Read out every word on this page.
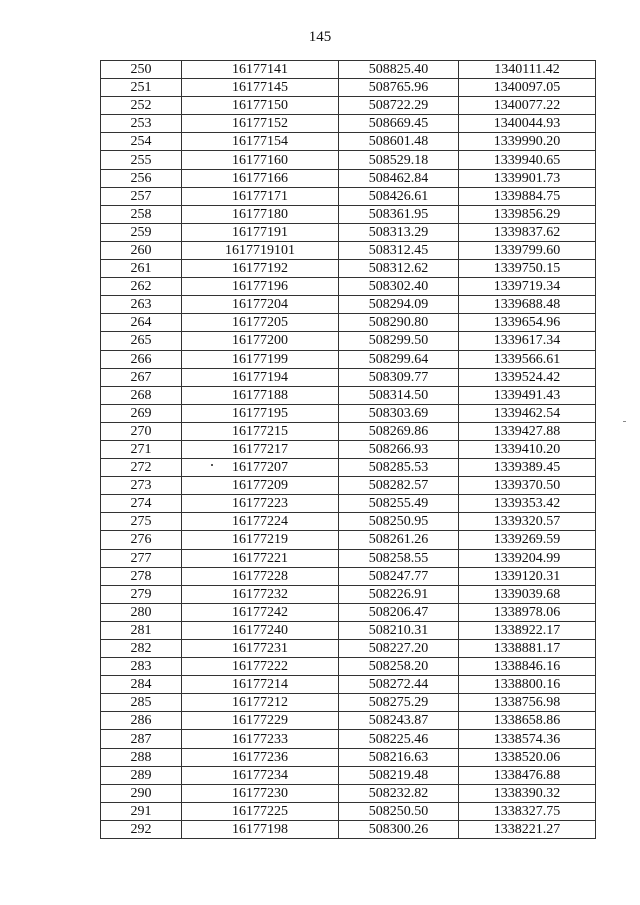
145
250	16177141	508825.40	1340111.42
251	16177145	508765.96	1340097.05
252	16177150	508722.29	1340077.22
253	16177152	508669.45	1340044.93
254	16177154	508601.48	1339990.20
255	16177160	508529.18	1339940.65
256	16177166	508462.84	1339901.73
257	16177171	508426.61	1339884.75
258	16177180	508361.95	1339856.29
259	16177191	508313.29	1339837.62
260	1617719101	508312.45	1339799.60
261	16177192	508312.62	1339750.15
262	16177196	508302.40	1339719.34
263	16177204	508294.09	1339688.48
264	16177205	508290.80	1339654.96
265	16177200	508299.50	1339617.34
266	16177199	508299.64	1339566.61
267	16177194	508309.77	1339524.42
268	16177188	508314.50	1339491.43
269	16177195	508303.69	1339462.54
270	16177215	508269.86	1339427.88
271	16177217	508266.93	1339410.20
272	16177207	508285.53	1339389.45
273	16177209	508282.57	1339370.50
274	16177223	508255.49	1339353.42
275	16177224	508250.95	1339320.57
276	16177219	508261.26	1339269.59
277	16177221	508258.55	1339204.99
278	16177228	508247.77	1339120.31
279	16177232	508226.91	1339039.68
280	16177242	508206.47	1338978.06
281	16177240	508210.31	1338922.17
282	16177231	508227.20	1338881.17
283	16177222	508258.20	1338846.16
284	16177214	508272.44	1338800.16
285	16177212	508275.29	1338756.98
286	16177229	508243.87	1338658.86
287	16177233	508225.46	1338574.36
288	16177236	508216.63	1338520.06
289	16177234	508219.48	1338476.88
290	16177230	508232.82	1338390.32
291	16177225	508250.50	1338327.75
292	16177198	508300.26	1338221.27
